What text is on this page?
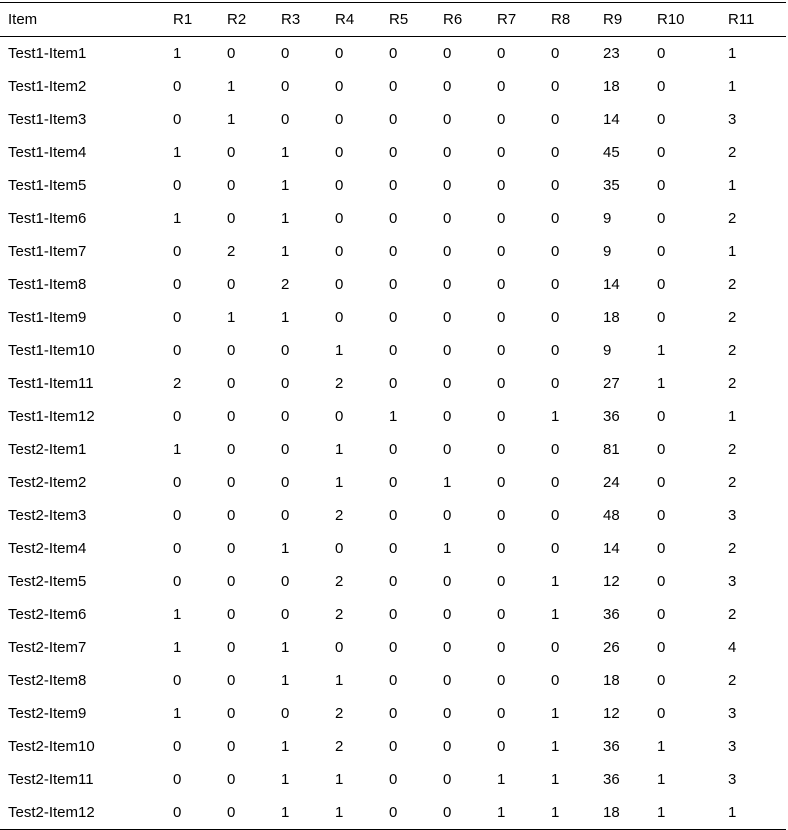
Item	R1	R2	R3	R4	R5	R6	R7	R8	R9	R10	R11
Test1-Item1	1	0	0	0	0	0	0	0	23	0	1
Test1-Item2	0	1	0	0	0	0	0	0	18	0	1
Test1-Item3	0	1	0	0	0	0	0	0	14	0	3
Test1-Item4	1	0	1	0	0	0	0	0	45	0	2
Test1-Item5	0	0	1	0	0	0	0	0	35	0	1
Test1-Item6	1	0	1	0	0	0	0	0	9	0	2
Test1-Item7	0	2	1	0	0	0	0	0	9	0	1
Test1-Item8	0	0	2	0	0	0	0	0	14	0	2
Test1-Item9	0	1	1	0	0	0	0	0	18	0	2
Test1-Item10	0	0	0	1	0	0	0	0	9	1	2
Test1-Item11	2	0	0	2	0	0	0	0	27	1	2
Test1-Item12	0	0	0	0	1	0	0	1	36	0	1
Test2-Item1	1	0	0	1	0	0	0	0	81	0	2
Test2-Item2	0	0	0	1	0	1	0	0	24	0	2
Test2-Item3	0	0	0	2	0	0	0	0	48	0	3
Test2-Item4	0	0	1	0	0	1	0	0	14	0	2
Test2-Item5	0	0	0	2	0	0	0	1	12	0	3
Test2-Item6	1	0	0	2	0	0	0	1	36	0	2
Test2-Item7	1	0	1	0	0	0	0	0	26	0	4
Test2-Item8	0	0	1	1	0	0	0	0	18	0	2
Test2-Item9	1	0	0	2	0	0	0	1	12	0	3
Test2-Item10	0	0	1	2	0	0	0	1	36	1	3
Test2-Item11	0	0	1	1	0	0	1	1	36	1	3
Test2-Item12	0	0	1	1	0	0	1	1	18	1	1
